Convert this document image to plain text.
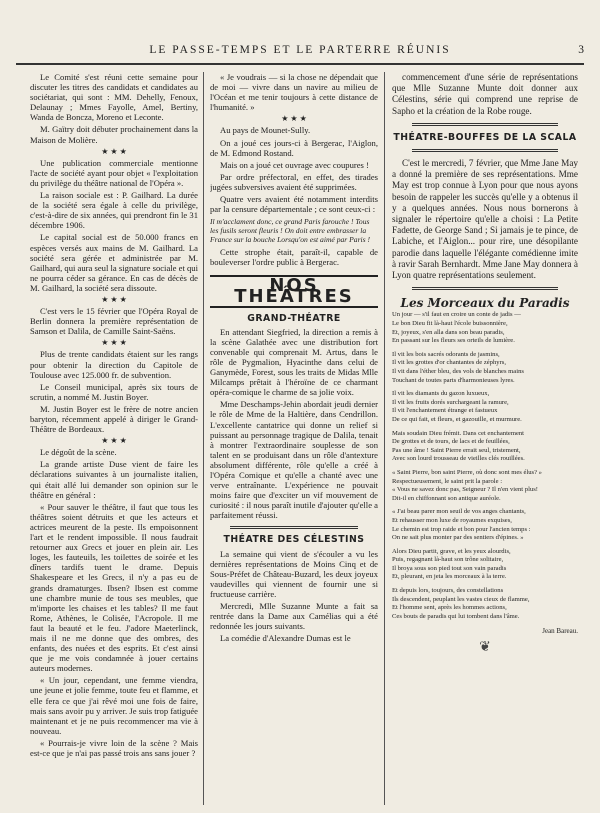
LE PASSE-TEMPS ET LE PARTERRE RÉUNIS	3

Le Comité s'est réuni cette semaine pour discuter les titres des candidats et candidates au sociétariat, qui sont : MM. Dehelly, Fenoux, Delaunay ; Mmes Fayolle, Amel, Bertiny, Wanda de Boncza, Moreno et Leconte.

M. Gaïtry doit débuter prochainement dans la Maison de Molière.

★ ★ ★

Une publication commerciale mentionne l'acte de société ayant pour objet « l'exploitation du privilège du théâtre national de l'Opéra ».

La raison sociale est : P. Gailhard. La durée de la société sera égale à celle du privilège, c'est-à-dire de six années, qui prendront fin le 31 décembre 1906.

Le capital social est de 50.000 francs en espèces versés aux mains de M. Gailhard. La société sera gérée et administrée par M. Gailhard, qui aura seul la signature sociale et qui ne pourra céder sa gérance. En cas de décès de M. Gailhard, la société sera dissoute.

★ ★ ★

C'est vers le 15 février que l'Opéra Royal de Berlin donnera la première représentation de Samson et Dalila, de Camille Saint-Saëns.

★ ★ ★

Plus de trente candidats étaient sur les rangs pour obtenir la direction du Capitole de Toulouse avec 125.000 fr. de subvention.

Le Conseil municipal, après six tours de scrutin, a nommé M. Justin Boyer.

M. Justin Boyer est le frère de notre ancien baryton, récemment appelé à diriger le Grand-Théâtre de Bordeaux.

★ ★ ★

Le dégoût de la scène.

La grande artiste Duse vient de faire les déclarations suivantes à un journaliste italien, qui était allé lui demander son opinion sur le théâtre en général :

« Pour sauver le théâtre, il faut que tous les théâtres soient détruits et que les acteurs et actrices meurent de la peste. Ils empoisonnent l'art et le rendent impossible. Il nous faudrait retourner aux Grecs et jouer en plein air. Les loges, les fauteuils, les toilettes de soirée et les dîners tardifs tuent le drame. Depuis Shakespeare et les Grecs, il n'y a pas eu de grands dramaturges. Ibsen? Ibsen est comme une chambre munie de tous ses meubles, que m'importe les chaises et les tables? Il me faut Rome, Athènes, le Colisée, l'Acropole. Il me faut la beauté et le feu. J'adore Maeterlinck, mais il ne me donne que des ombres, des enfants, des nuées et des esprits. Et c'est ainsi que je me vois condamnée à jouer certains auteurs modernes.

« Un jour, cependant, une femme viendra, une jeune et jolie femme, toute feu et flamme, et elle fera ce que j'ai rêvé moi une fois de faire, mais sans avoir pu y arriver. Je suis trop fatiguée maintenant et je ne puis recommencer ma vie à nouveau.

« Pourrais-je vivre loin de la scène ? Mais est-ce que je n'ai pas passé trois ans sans jouer ?

« Je voudrais — si la chose ne dépendait que de moi — vivre dans un navire au milieu de l'Océan et me tenir toujours à cette distance de l'humanité. »

★ ★ ★

Au pays de Mounet-Sully.

On a joué ces jours-ci à Bergerac, l'Aiglon, de M. Edmond Rostand.

Mais on a joué cet ouvrage avec coupures !

Par ordre préfectoral, en effet, des tirades jugées subversives avaient été supprimées.

Quatre vers avaient été notamment interdits par la censure départementale ; ce sont ceux-ci :

Il m'acclament donc, ce grand Paris farouche ! Tous les fusils seront fleuris ! On doit entre embrasser la France sur la bouche Lorsqu'on est aimé par Paris !

Cette strophe était, paraît-il, capable de bouleverser l'ordre public à Bergerac.

NOS THÉÂTRES
GRAND-THÉATRE

En attendant Siegfried, la direction a remis à la scène Galathée avec une distribution fort convenable qui comprenait M. Artus, dans le rôle de Pygmalion, Hyacinthe dans celui de Ganymède, Forest, sous les traits de Midas Mlle Milcamps prêtait à l'héroïne de ce charmant opéra-comique le charme de sa jolie voix.

Mme Deschamps-Jehin abordait jeudi dernier le rôle de Mme de la Haltière, dans Cendrillon. L'excellente cantatrice qui donne un relief si puissant au personnage tragique de Dalila, tenait à montrer l'extraordinaire souplesse de son talent en se produisant dans un rôle d'antexture absolument différente, rôle qu'elle a créé à l'Opéra Comique et qu'elle a chanté avec une verve entraînante. L'expérience ne pouvait moins faire que d'exciter un vif mouvement de curiosité : il nous paraît inutile d'ajouter qu'elle a parfaitement réussi.

THÉATRE DES CÉLESTINS

La semaine qui vient de s'écouler a vu les dernières représentations de Moins Cinq et de Sous-Préfet de Château-Buzard, les deux joyeux vaudevilles qui viennent de fournir une si fructueuse carrière.

Mercredi, Mlle Suzanne Munte a fait sa rentrée dans la Dame aux Camélias qui a été redonnée les jours suivants.

La comédie d'Alexandre Dumas est le

commencement d'une série de représentations que Mlle Suzanne Munte doit donner aux Célestins, série qui comprend une reprise de Sapho et la création de la Robe rouge.

THÉATRE-BOUFFES DE LA SCALA

C'est le mercredi, 7 février, que Mme Jane May a donné la première de ses représentations. Mme May est trop connue à Lyon pour que nous ayons besoin de rappeler les succès qu'elle y a obtenus il y a quelques années. Nous nous bornerons à signaler le répertoire qu'elle a choisi : La Petite Fadette, de George Sand ; Si jamais je te pince, de Labiche, et l'Aiglon... pour rire, une désopilante parodie dans laquelle l'élégante comédienne imite à ravir Sarah Bernhardt. Mme Jane May donnera à Lyon quatre représentations seulement.

Les Morceaux du Paradis
Un jour — s'il faut en croire un conte de jadis —
Le bon Dieu fit là-haut l'école buissonnière,
Et, joyeux, s'en alla dans son beau paradis,
En passant sur les fleurs ses orteils de lumière.
Il vit les bois sacrés odorants de jasmins,
Il vit les grottes d'or chantantes de zéphyrs,
Il vit dans l'éther bleu, des vols de blanches mains
Touchant de toutes parts d'harmonieuses lyres.
Il vit les diamants du gazon luxueux,
Il vit les fruits dorés surchargeant la ramure,
Il vit l'enchantement étrange et fastueux
De ce qui fait, et fleurs, et gazouille, et murmure.
Mais soudain Dieu frémit. Dans cet enchantement
De grottes et de tours, de lacs et de feuillées,
Pas une âme ! Saint Pierre errait seul, tristement,
Avec son lourd trousseau de vieilles clés rouillées.
« Saint Pierre, bon saint Pierre, où donc sont mes élus? »
Respectueusement, le saint prit la parole :
« Vous ne savez donc pas, Seigneur ? Il n'en vient plus!
Dit-il en chiffonnant son antique auréole.
« J'ai beau parer mon seuil de vos anges chantants,
Et rehausser mon luxe de royaumes exquises,
Le chemin est trop raide et bon pour l'ancien temps :
On ne sait plus monter par des sentiers d'épines. »
Alors Dieu partit, grave, et les yeux alourdis,
Puis, regagnant là-haut son trône solitaire,
Il broya sous son pied tout son vain paradis
Et, pleurant, en jeta les morceaux à la terre.
Et depuis lors, toujours, des constellations
Ils descendent, peuplant les vastes cieux de flamme,
Et l'homme sent, après les hommes actions,
Ces bouts de paradis qui lui tombent dans l'âme.
Jean Bareau.
❦
